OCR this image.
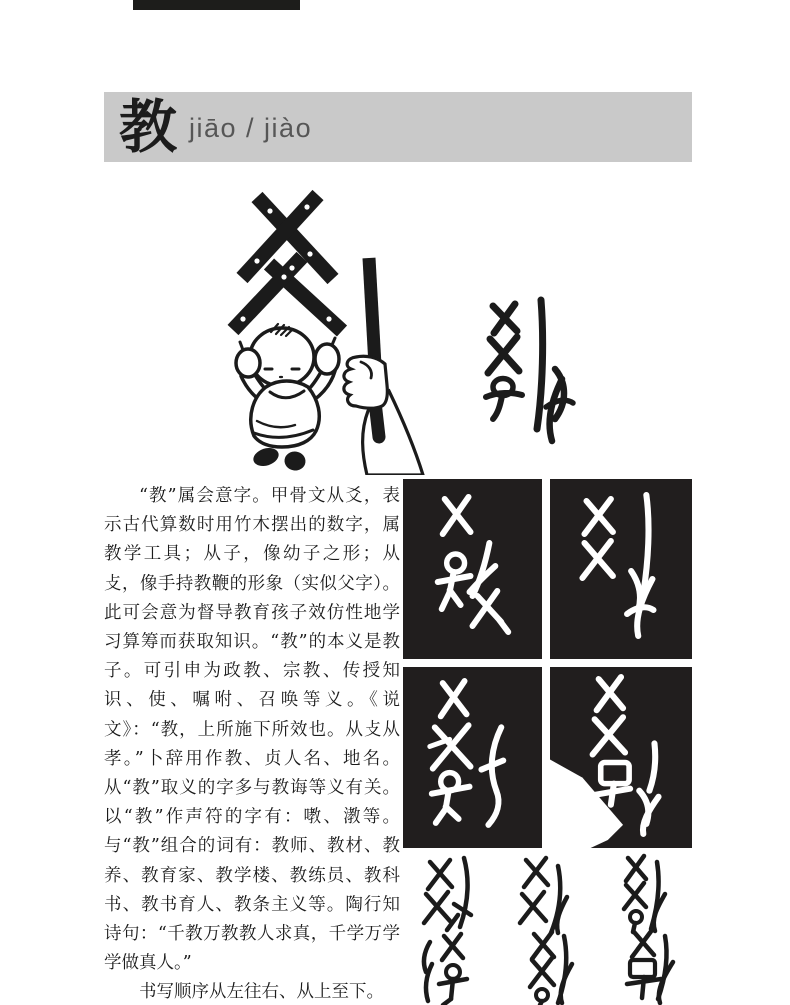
教 jiāo / jiào

“教”属会意字。甲骨文从爻，表示古代算数时用竹木摆出的数字，属教学工具；从子，像幼子之形；从攴，像手持教鞭的形象（实似父字）。此可会意为督导教育孩子效仿性地学习算筹而获取知识。“教”的本义是教子。可引申为政教、宗教、传授知识、使、嘱咐、召唤等义。《说文》：“教，上所施下所效也。从攴从孝。”卜辞用作教、贞人名、地名。从“教”取义的字多与教诲等义有关。以“教”作声符的字有：嘋、漖等。与“教”组合的词有：教师、教材、教养、教育家、教学楼、教练员、教科书、教书育人、教条主义等。陶行知诗句：“千教万教教人求真，千学万学学做真人。”

书写顺序从左往右、从上至下。
